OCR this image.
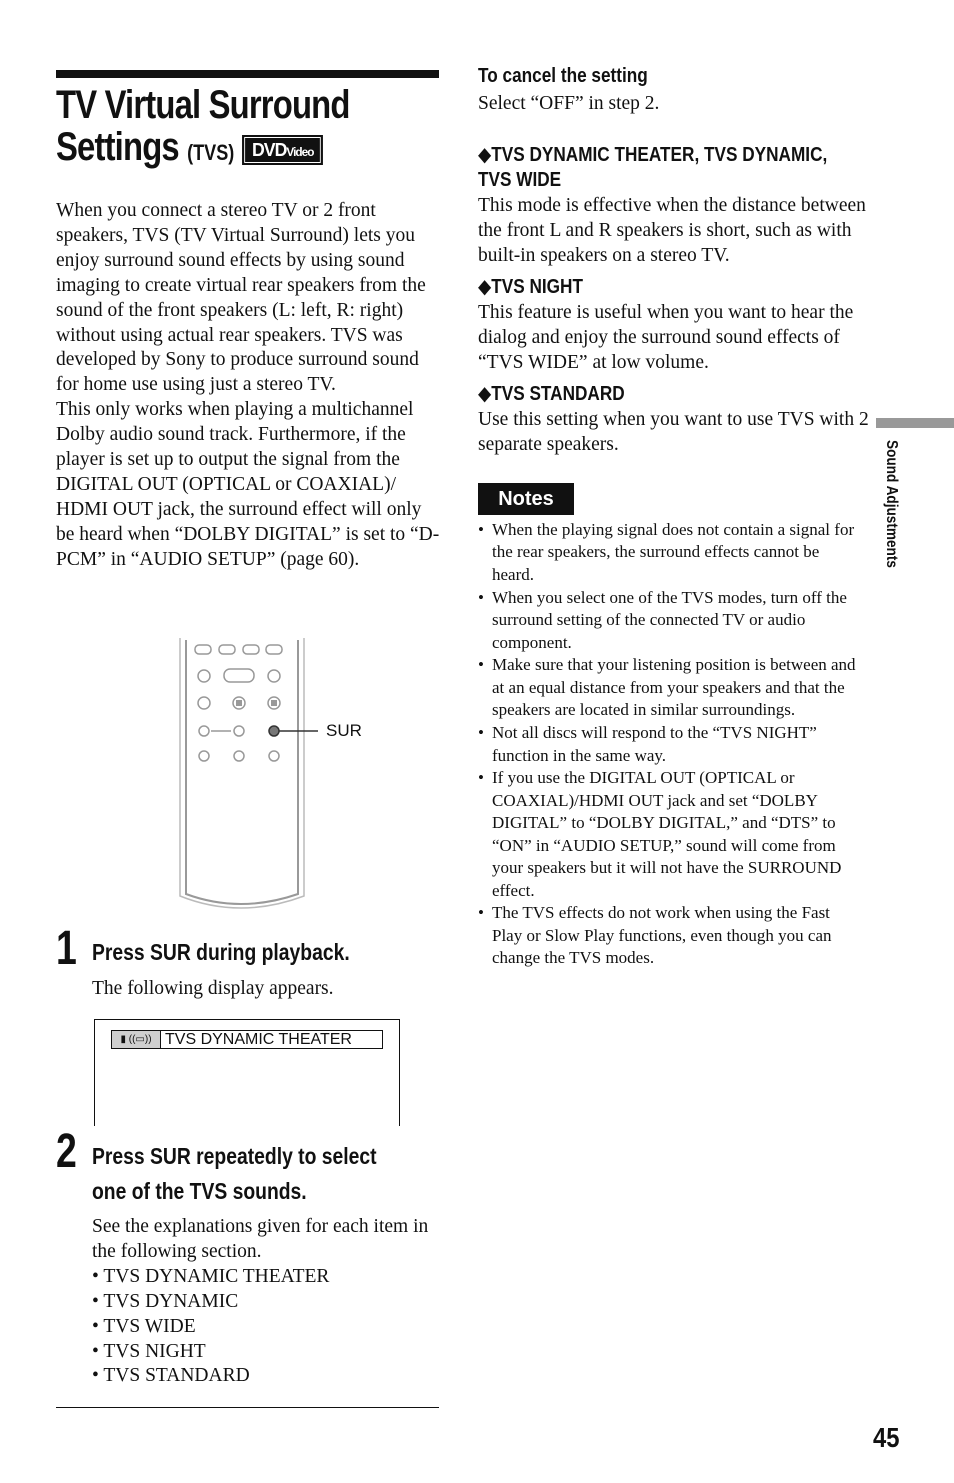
TV Virtual Surround
Settings (TVS) DVDVideo
When you connect a stereo TV or 2 front speakers, TVS (TV Virtual Surround) lets you enjoy surround sound effects by using sound imaging to create virtual rear speakers from the sound of the front speakers (L: left, R: right) without using actual rear speakers. TVS was developed by Sony to produce surround sound for home use using just a stereo TV.
This only works when playing a multichannel Dolby audio sound track. Furthermore, if the player is set up to output the signal from the DIGITAL OUT (OPTICAL or COAXIAL)/ HDMI OUT jack, the surround effect will only be heard when “DOLBY DIGITAL” is set to “D-PCM” in “AUDIO SETUP” (page 60).
SUR
1 Press SUR during playback.
The following display appears.
▮ ((▭)) TVS DYNAMIC THEATER
2 Press SUR repeatedly to select
one of the TVS sounds.
See the explanations given for each item in the following section.
• TVS DYNAMIC THEATER
• TVS DYNAMIC
• TVS WIDE
• TVS NIGHT
• TVS STANDARD
To cancel the setting
Select “OFF” in step 2.
◆TVS DYNAMIC THEATER, TVS DYNAMIC,
TVS WIDE
This mode is effective when the distance between the front L and R speakers is short, such as with built-in speakers on a stereo TV.
◆TVS NIGHT
This feature is useful when you want to hear the dialog and enjoy the surround sound effects of “TVS WIDE” at low volume.
◆TVS STANDARD
Use this setting when you want to use TVS with 2 separate speakers.
Notes
• When the playing signal does not contain a signal for the rear speakers, the surround effects cannot be heard.
• When you select one of the TVS modes, turn off the surround setting of the connected TV or audio component.
• Make sure that your listening position is between and at an equal distance from your speakers and that the speakers are located in similar surroundings.
• Not all discs will respond to the “TVS NIGHT” function in the same way.
• If you use the DIGITAL OUT (OPTICAL or COAXIAL)/HDMI OUT jack and set “DOLBY DIGITAL” to “DOLBY DIGITAL,” and “DTS” to “ON” in “AUDIO SETUP,” sound will come from your speakers but it will not have the SURROUND effect.
• The TVS effects do not work when using the Fast Play or Slow Play functions, even though you can change the TVS modes.
Sound Adjustments
45
